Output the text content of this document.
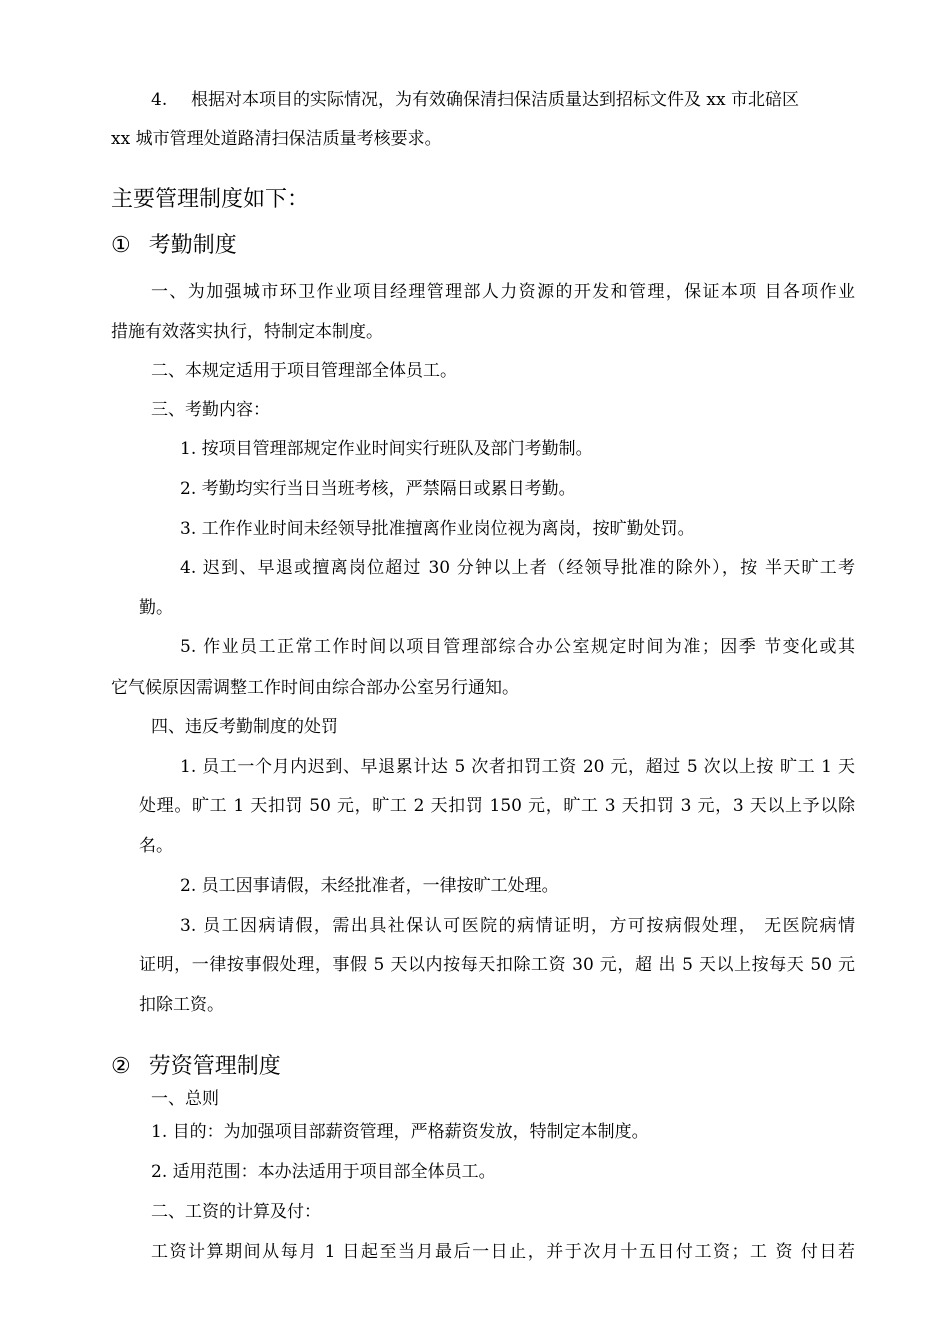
4. 根据对本项目的实际情况，为有效确保清扫保洁质量达到招标文件及 xx 市北碚区
xx 城市管理处道路清扫保洁质量考核要求。
主要管理制度如下：
① 考勤制度
一、为加强城市环卫作业项目经理管理部人力资源的开发和管理，保证本项 目各项作业
措施有效落实执行，特制定本制度。
二、本规定适用于项目管理部全体员工。
三、考勤内容：
1. 按项目管理部规定作业时间实行班队及部门考勤制。
2. 考勤均实行当日当班考核，严禁隔日或累日考勤。
3. 工作作业时间未经领导批准擅离作业岗位视为离岗，按旷勤处罚。
4. 迟到、早退或擅离岗位超过 30 分钟以上者（经领导批准的除外），按 半天旷工考
勤。
5. 作业员工正常工作时间以项目管理部综合办公室规定时间为准；因季 节变化或其
它气候原因需调整工作时间由综合部办公室另行通知。
四、违反考勤制度的处罚
1. 员工一个月内迟到、早退累计达 5 次者扣罚工资 20 元，超过 5 次以上按 旷工 1 天
处理。旷工 1 天扣罚 50 元，旷工 2 天扣罚 150 元，旷工 3 天扣罚 3 元，3 天以上予以除
名。
2. 员工因事请假，未经批准者，一律按旷工处理。
3. 员工因病请假，需出具社保认可医院的病情证明，方可按病假处理， 无医院病情
证明，一律按事假处理，事假 5 天以内按每天扣除工资 30 元，超 出 5 天以上按每天 50 元
扣除工资。
② 劳资管理制度
一、总则
1. 目的：为加强项目部薪资管理，严格薪资发放，特制定本制度。
2. 适用范围：本办法适用于项目部全体员工。
二、工资的计算及付：
工资计算期间从每月 1 日起至当月最后一日止，并于次月十五日付工资；工 资 付日若
